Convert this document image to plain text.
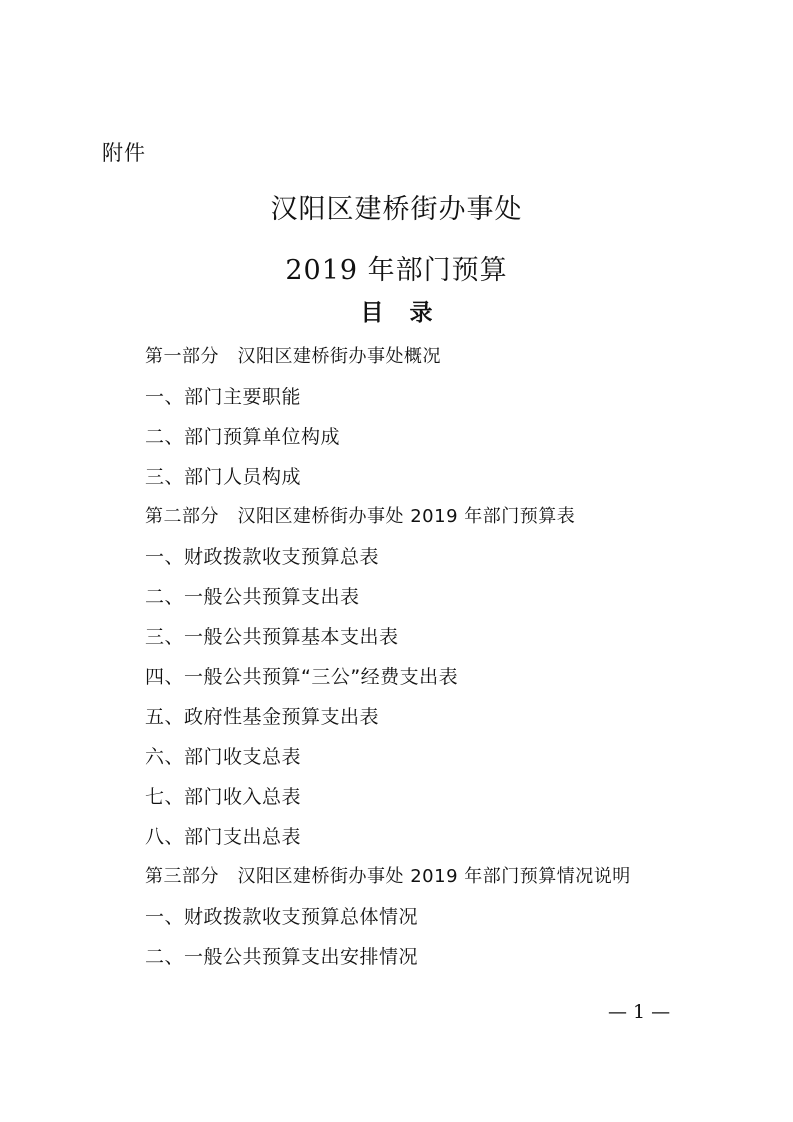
附件
汉阳区建桥街办事处
2019 年部门预算
目录
第一部分　汉阳区建桥街办事处概况
一、部门主要职能
二、部门预算单位构成
三、部门人员构成
第二部分　汉阳区建桥街办事处 2019 年部门预算表
一、财政拨款收支预算总表
二、一般公共预算支出表
三、一般公共预算基本支出表
四、一般公共预算“三公”经费支出表
五、政府性基金预算支出表
六、部门收支总表
七、部门收入总表
八、部门支出总表
第三部分　汉阳区建桥街办事处 2019 年部门预算情况说明
一、财政拨款收支预算总体情况
二、一般公共预算支出安排情况
— 1 —
